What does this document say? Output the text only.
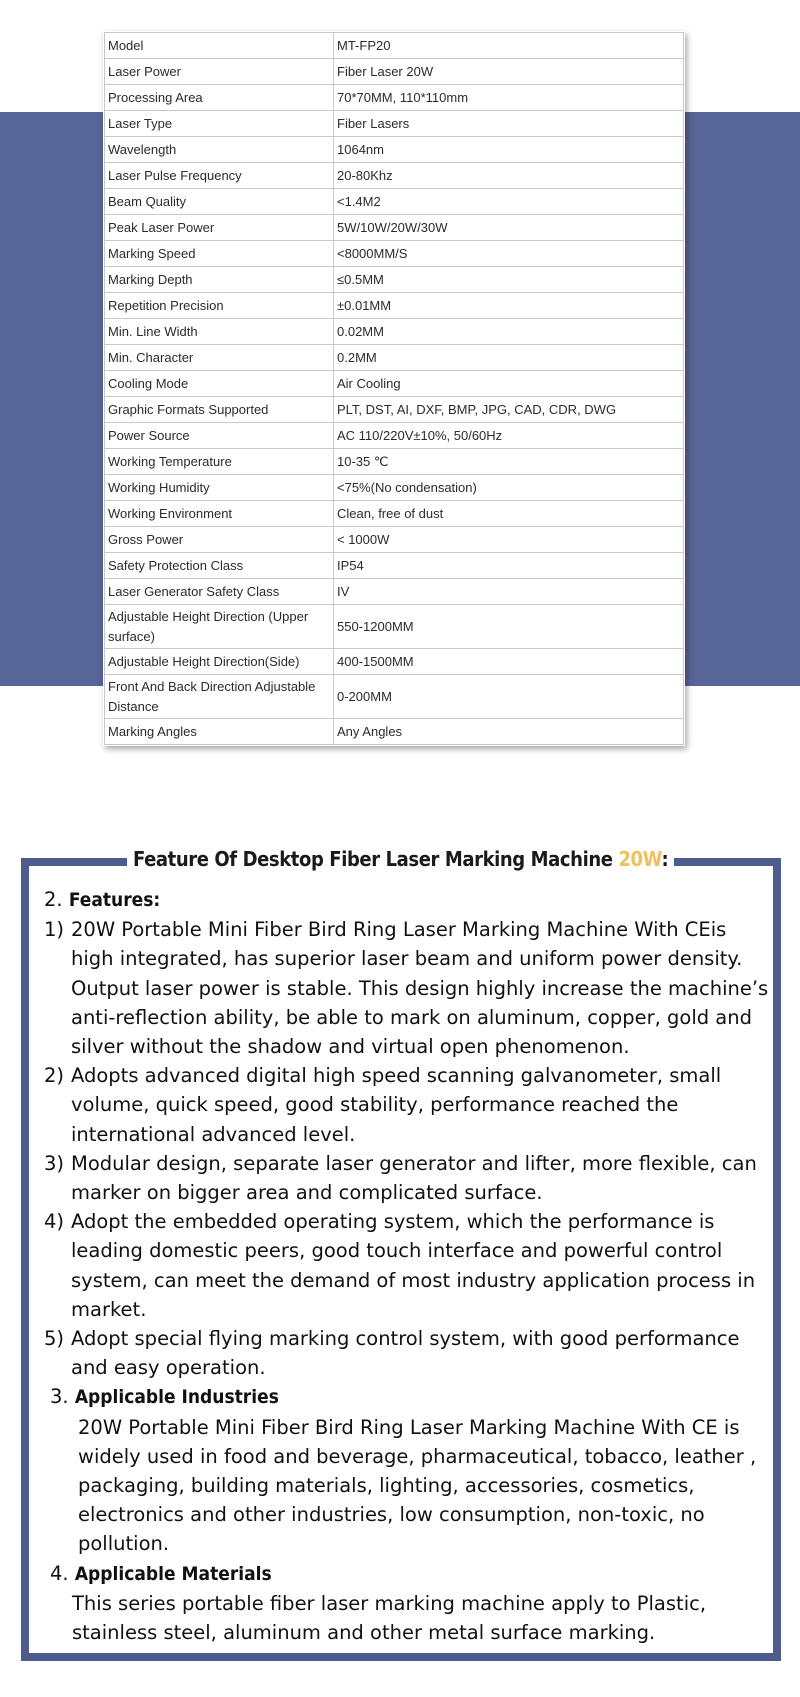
Model	MT-FP20
Laser Power	Fiber Laser 20W
Processing Area	70*70MM, 110*110mm
Laser Type	Fiber Lasers
Wavelength	1064nm
Laser Pulse Frequency	20-80Khz
Beam Quality	<1.4M2
Peak Laser Power	5W/10W/20W/30W
Marking Speed	<8000MM/S
Marking Depth	≤0.5MM
Repetition Precision	±0.01MM
Min. Line Width	0.02MM
Min. Character	0.2MM
Cooling Mode	Air Cooling
Graphic Formats Supported	PLT, DST, AI, DXF, BMP, JPG, CAD, CDR, DWG
Power Source	AC 110/220V±10%, 50/60Hz
Working Temperature	10-35 ℃
Working Humidity	<75%(No condensation)
Working Environment	Clean, free of dust
Gross Power	< 1000W
Safety Protection Class	IP54
Laser Generator Safety Class	IV
Adjustable Height Direction (Upper surface)	550-1200MM
Adjustable Height Direction(Side)	400-1500MM
Front And Back Direction Adjustable Distance	0-200MM
Marking Angles	Any Angles
Feature Of Desktop Fiber Laser Marking Machine 20W:

2. Features:

1) 20W Portable Mini Fiber Bird Ring Laser Marking Machine With CEis high integrated, has superior laser beam and uniform power density. Output laser power is stable. This design highly increase the machine’s anti-reflection ability, be able to mark on aluminum, copper, gold and silver without the shadow and virtual open phenomenon.
2) Adopts advanced digital high speed scanning galvanometer, small volume, quick speed, good stability, performance reached the international advanced level.
3) Modular design, separate laser generator and lifter, more flexible, can marker on bigger area and complicated surface.
4) Adopt the embedded operating system, which the performance is leading domestic peers, good touch interface and powerful control system, can meet the demand of most industry application process in market.
5) Adopt special flying marking control system, with good performance and easy operation.

3. Applicable Industries

20W Portable Mini Fiber Bird Ring Laser Marking Machine With CE is widely used in food and beverage, pharmaceutical, tobacco, leather , packaging, building materials, lighting, accessories, cosmetics, electronics and other industries, low consumption, non-toxic, no pollution.

4. Applicable Materials

This series portable fiber laser marking machine apply to Plastic, stainless steel, aluminum and other metal surface marking.
